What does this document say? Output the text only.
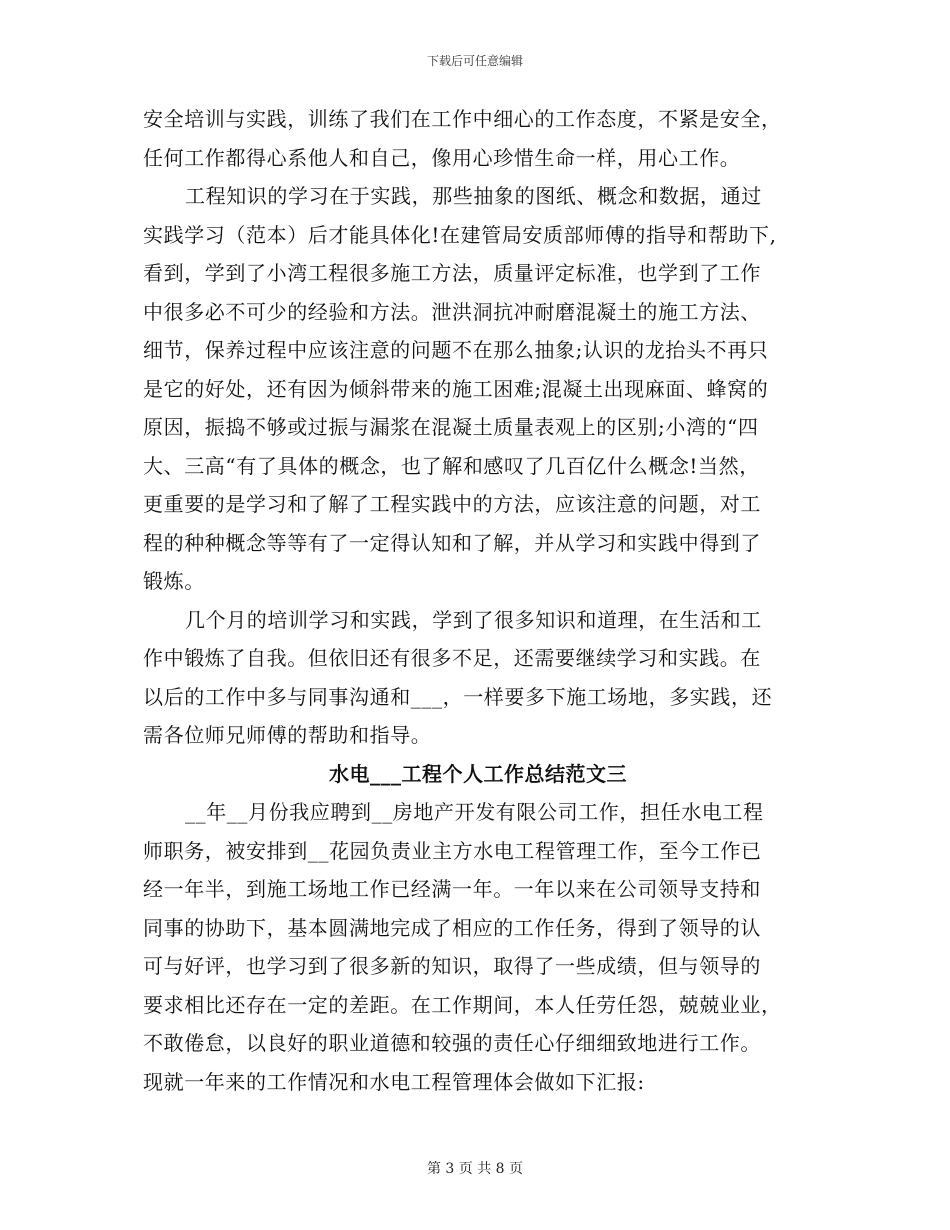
下载后可任意编辑
安全培训与实践，训练了我们在工作中细心的工作态度，不紧是安全，
任何工作都得心系他人和自己，像用心珍惜生命一样，用心工作。
工程知识的学习在于实践，那些抽象的图纸、概念和数据，通过
实践学习（范本）后才能具体化!在建管局安质部师傅的指导和帮助下,
看到，学到了小湾工程很多施工方法，质量评定标准，也学到了工作
中很多必不可少的经验和方法。泄洪洞抗冲耐磨混凝土的施工方法、
细节，保养过程中应该注意的问题不在那么抽象;认识的龙抬头不再只
是它的好处，还有因为倾斜带来的施工困难;混凝土出现麻面、蜂窝的
原因，振捣不够或过振与漏浆在混凝土质量表观上的区别;小湾的“四
大、三高“有了具体的概念，也了解和感叹了几百亿什么概念!当然，
更重要的是学习和了解了工程实践中的方法，应该注意的问题，对工
程的种种概念等等有了一定得认知和了解，并从学习和实践中得到了
锻炼。
几个月的培训学习和实践，学到了很多知识和道理，在生活和工
作中锻炼了自我。但依旧还有很多不足，还需要继续学习和实践。在
以后的工作中多与同事沟通和___，一样要多下施工场地，多实践，还
需各位师兄师傅的帮助和指导。
水电___工程个人工作总结范文三
__年__月份我应聘到__房地产开发有限公司工作，担任水电工程
师职务，被安排到__花园负责业主方水电工程管理工作，至今工作已
经一年半，到施工场地工作已经满一年。一年以来在公司领导支持和
同事的协助下，基本圆满地完成了相应的工作任务，得到了领导的认
可与好评，也学习到了很多新的知识，取得了一些成绩，但与领导的
要求相比还存在一定的差距。在工作期间，本人任劳任怨，兢兢业业，
不敢倦怠，以良好的职业道德和较强的责任心仔细细致地进行工作。
现就一年来的工作情况和水电工程管理体会做如下汇报:
第 3 页 共 8 页
